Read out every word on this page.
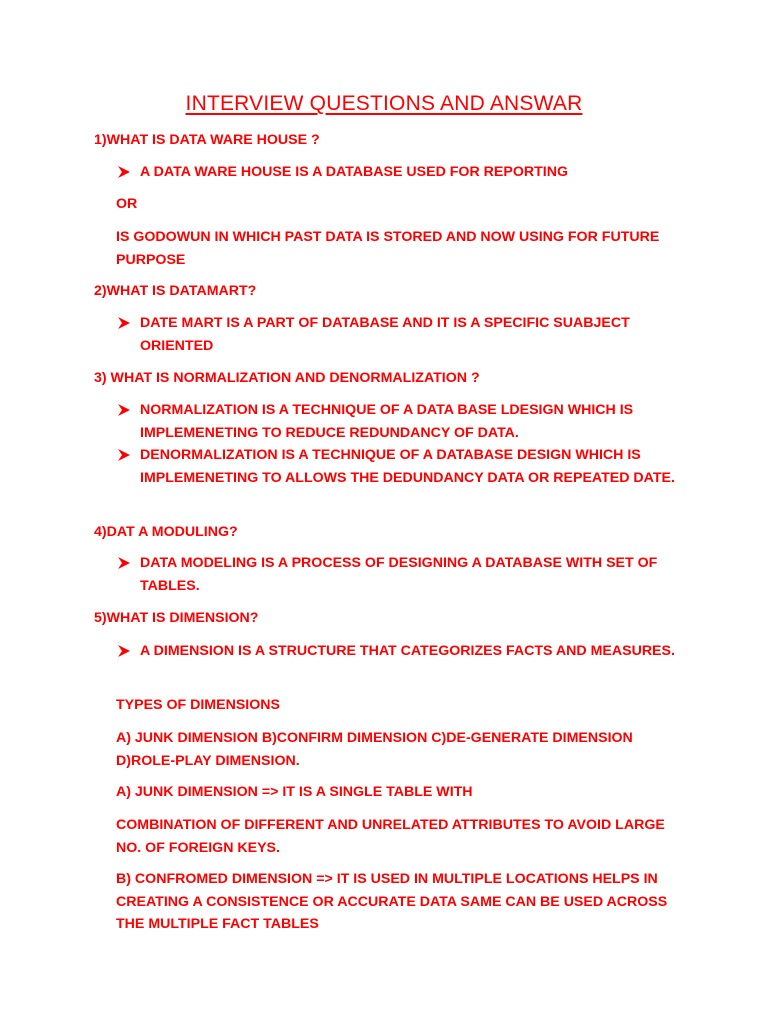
INTERVIEW QUESTIONS AND ANSWAR

1)WHAT IS DATA WARE HOUSE ?

A DATA WARE HOUSE IS A DATABASE USED FOR REPORTING

OR

IS GODOWUN IN WHICH PAST DATA IS STORED AND NOW USING FOR FUTURE PURPOSE

2)WHAT IS DATAMART?

DATE MART IS A PART OF DATABASE AND IT IS A SPECIFIC SUABJECT ORIENTED

3) WHAT IS NORMALIZATION AND DENORMALIZATION ?

NORMALIZATION IS A TECHNIQUE OF A DATA BASE LDESIGN WHICH IS IMPLEMENETING TO REDUCE REDUNDANCY OF DATA.
DENORMALIZATION IS A TECHNIQUE OF A DATABASE DESIGN WHICH IS IMPLEMENETING TO ALLOWS THE DEDUNDANCY DATA OR REPEATED DATE.

4)DAT A MODULING?

DATA MODELING IS A PROCESS OF DESIGNING A DATABASE WITH SET OF TABLES.

5)WHAT IS DIMENSION?

A DIMENSION IS A STRUCTURE THAT CATEGORIZES FACTS AND MEASURES.

TYPES OF DIMENSIONS

A) JUNK DIMENSION B)CONFIRM DIMENSION C)DE-GENERATE DIMENSION D)ROLE-PLAY DIMENSION.

A) JUNK DIMENSION => IT IS A SINGLE TABLE WITH

COMBINATION OF DIFFERENT AND UNRELATED ATTRIBUTES TO AVOID LARGE NO. OF FOREIGN KEYS.

B) CONFROMED DIMENSION => IT IS USED IN MULTIPLE LOCATIONS HELPS IN CREATING A CONSISTENCE OR ACCURATE DATA SAME CAN BE USED ACROSS THE MULTIPLE FACT TABLES
